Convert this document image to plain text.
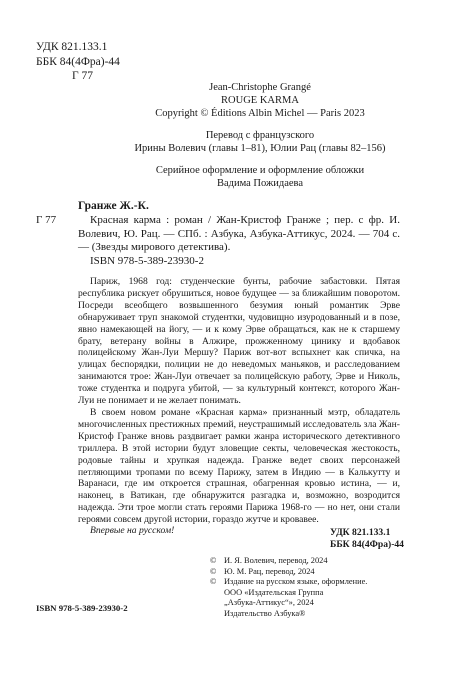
УДК 821.133.1
ББК 84(4Фра)-44
Г 77
Jean-Christophe Grangé
ROUGE KARMA
Copyright © Éditions Albin Michel — Paris 2023
Перевод с французского
Ирины Волевич (главы 1–81), Юлии Рац (главы 82–156)
Серийное оформление и оформление обложки
Вадима Пожидаева
Гранже Ж.-К.
Г 77	Красная карма : роман / Жан-Кристоф Гранже ; пер. с фр. И. Волевич, Ю. Рац. — СПб. : Азбука, Азбука-Аттикус, 2024. — 704 с. — (Звезды мирового детектива).
ISBN 978-5-389-23930-2

Париж, 1968 год: студенческие бунты, рабочие забастовки. Пятая республика рискует обрушиться, новое будущее — за ближайшим поворотом. Посреди всеобщего возвышенного безумия юный романтик Эрве обнаруживает труп знакомой студентки, чудовищно изуродованный и в позе, явно намекающей на йогу, — и к кому Эрве обращаться, как не к старшему брату, ветерану войны в Алжире, прожженному цинику и вдобавок полицейскому Жан-Луи Мершу? Париж вот-вот вспыхнет как спичка, на улицах беспорядки, полиции не до неведомых маньяков, и расследованием занимаются трое: Жан-Луи отвечает за полицейскую работу, Эрве и Николь, тоже студентка и подруга убитой, — за культурный контекст, которого Жан-Луи не понимает и не желает понимать.

В своем новом романе «Красная карма» признанный мэтр, обладатель многочисленных престижных премий, неустрашимый исследователь зла Жан-Кристоф Гранже вновь раздвигает рамки жанра исторического детективного триллера. В этой истории будут зловещие секты, человеческая жестокость, родовые тайны и хрупкая надежда. Гранже ведет своих персонажей петляющими тропами по всему Парижу, затем в Индию — в Калькутту и Варанаси, где им откроется страшная, обагренная кровью истина, — и, наконец, в Ватикан, где обнаружится разгадка и, возможно, возродится надежда. Эти трое могли стать героями Парижа 1968-го — но нет, они стали героями совсем другой истории, гораздо жутче и кровавее.

Впервые на русском!	УДК 821.133.1
ББК 84(4Фра)-44
© И. Я. Волевич, перевод, 2024
© Ю. М. Рац, перевод, 2024
© Издание на русском языке, оформление.
ООО «Издательская Группа
„Азбука-Аттикус“», 2024
Издательство Азбука®
ISBN 978-5-389-23930-2
